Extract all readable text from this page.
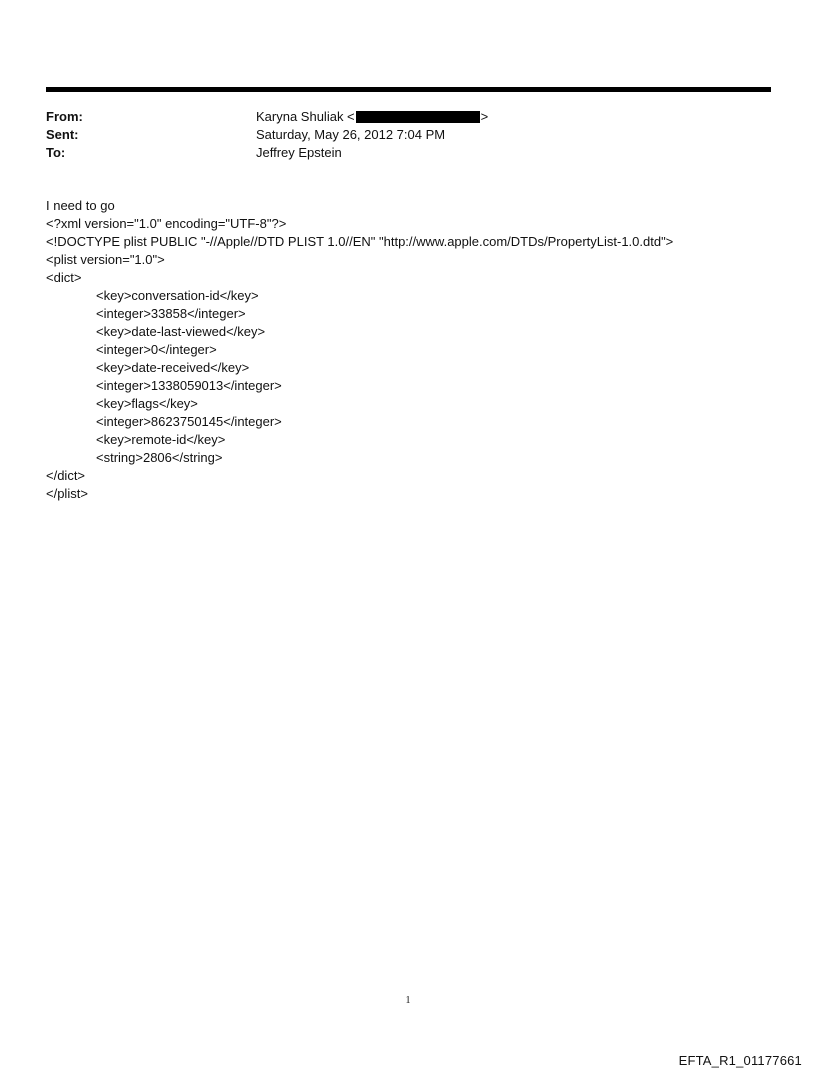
From:	Karyna Shuliak <	>
Sent:	Saturday, May 26, 2012 7:04 PM
To:	Jeffrey Epstein
I need to go
<?xml version="1.0" encoding="UTF-8"?>
<!DOCTYPE plist PUBLIC "-//Apple//DTD PLIST 1.0//EN" "http://www.apple.com/DTDs/PropertyList-1.0.dtd">
<plist version="1.0">
<dict>
<key>conversation-id</key>
<integer>33858</integer>
<key>date-last-viewed</key>
<integer>0</integer>
<key>date-received</key>
<integer>1338059013</integer>
<key>flags</key>
<integer>8623750145</integer>
<key>remote-id</key>
<string>2806</string>
</dict>
</plist>
1
EFTA_R1_01177661
